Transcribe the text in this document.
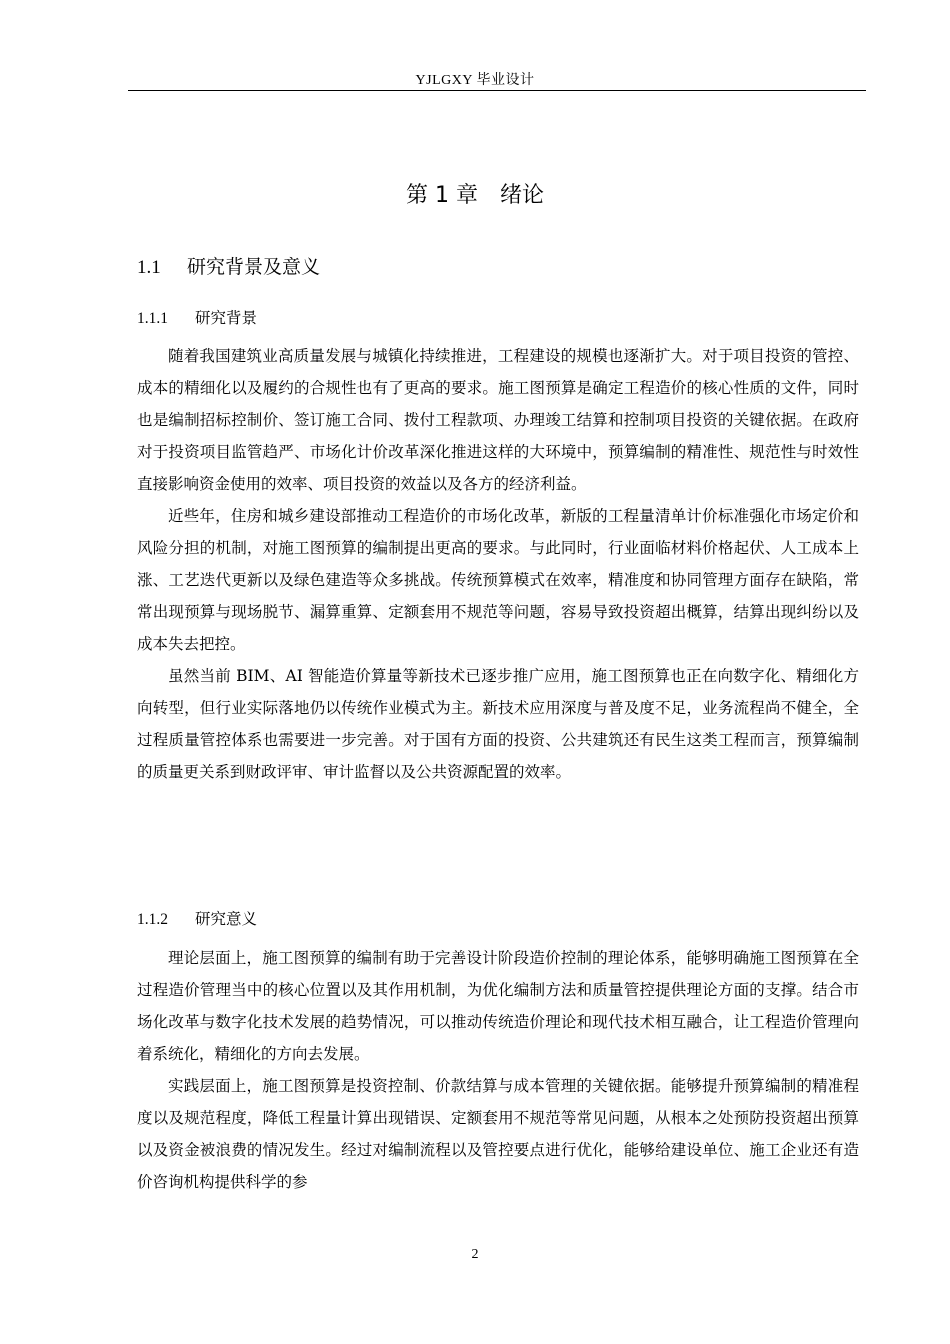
YJLGXY 毕业设计
第 1 章　绪论
1.1 研究背景及意义
1.1.1 研究背景

随着我国建筑业高质量发展与城镇化持续推进，工程建设的规模也逐渐扩大。对于项目投资的管控、成本的精细化以及履约的合规性也有了更高的要求。施工图预算是确定工程造价的核心性质的文件，同时也是编制招标控制价、签订施工合同、拨付工程款项、办理竣工结算和控制项目投资的关键依据。在政府对于投资项目监管趋严、市场化计价改革深化推进这样的大环境中，预算编制的精准性、规范性与时效性直接影响资金使用的效率、项目投资的效益以及各方的经济利益。

近些年，住房和城乡建设部推动工程造价的市场化改革，新版的工程量清单计价标准强化市场定价和风险分担的机制，对施工图预算的编制提出更高的要求。与此同时，行业面临材料价格起伏、人工成本上涨、工艺迭代更新以及绿色建造等众多挑战。传统预算模式在效率，精准度和协同管理方面存在缺陷，常常出现预算与现场脱节、漏算重算、定额套用不规范等问题，容易导致投资超出概算，结算出现纠纷以及成本失去把控。

虽然当前 BIM、AI 智能造价算量等新技术已逐步推广应用，施工图预算也正在向数字化、精细化方向转型，但行业实际落地仍以传统作业模式为主。新技术应用深度与普及度不足，业务流程尚不健全，全过程质量管控体系也需要进一步完善。对于国有方面的投资、公共建筑还有民生这类工程而言，预算编制的质量更关系到财政评审、审计监督以及公共资源配置的效率。

1.1.2 研究意义

理论层面上，施工图预算的编制有助于完善设计阶段造价控制的理论体系，能够明确施工图预算在全过程造价管理当中的核心位置以及其作用机制，为优化编制方法和质量管控提供理论方面的支撑。结合市场化改革与数字化技术发展的趋势情况，可以推动传统造价理论和现代技术相互融合，让工程造价管理向着系统化，精细化的方向去发展。

实践层面上，施工图预算是投资控制、价款结算与成本管理的关键依据。能够提升预算编制的精准程度以及规范程度，降低工程量计算出现错误、定额套用不规范等常见问题，从根本之处预防投资超出预算以及资金被浪费的情况发生。经过对编制流程以及管控要点进行优化，能够给建设单位、施工企业还有造价咨询机构提供科学的参

2
